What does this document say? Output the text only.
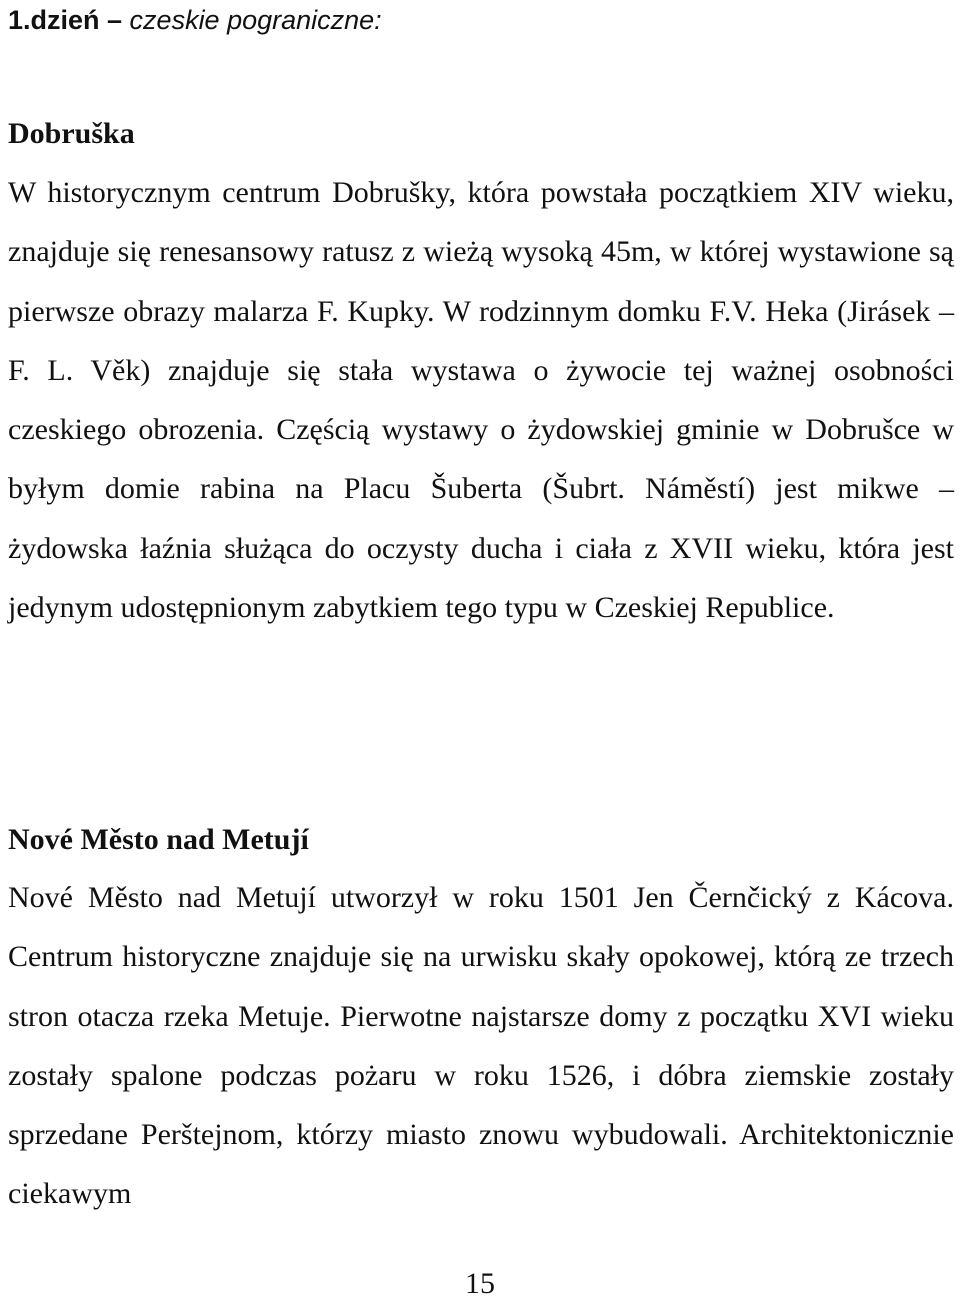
1.dzień – czeskie pograniczne:
Dobruška

W historycznym centrum Dobrušky, która powstała początkiem XIV wieku, znajduje się renesansowy ratusz z wieżą wysoką 45m, w której wystawione są pierwsze obrazy malarza F. Kupky. W rodzinnym domku F.V. Heka (Jirásek – F. L. Věk) znajduje się stała wystawa o żywocie tej ważnej osobności czeskiego obrozenia. Częścią wystawy o żydowskiej gminie w Dobrušce w byłym domie rabina na Placu Šuberta (Šubrt. Náměstí) jest mikwe – żydowska łaźnia służąca do oczysty ducha i ciała z XVII wieku, która jest jedynym udostępnionym zabytkiem tego typu w Czeskiej Republice.

Nové Město nad Metují

Nové Město nad Metují utworzył w roku 1501 Jen Černčický z Kácova. Centrum historyczne znajduje się na urwisku skały opokowej, którą ze trzech stron otacza rzeka Metuje. Pierwotne najstarsze domy z początku XVI wieku zostały spalone podczas pożaru w roku 1526, i dóbra ziemskie zostały sprzedane Perštejnom, którzy miasto znowu wybudowali. Architektonicznie ciekawym

15
